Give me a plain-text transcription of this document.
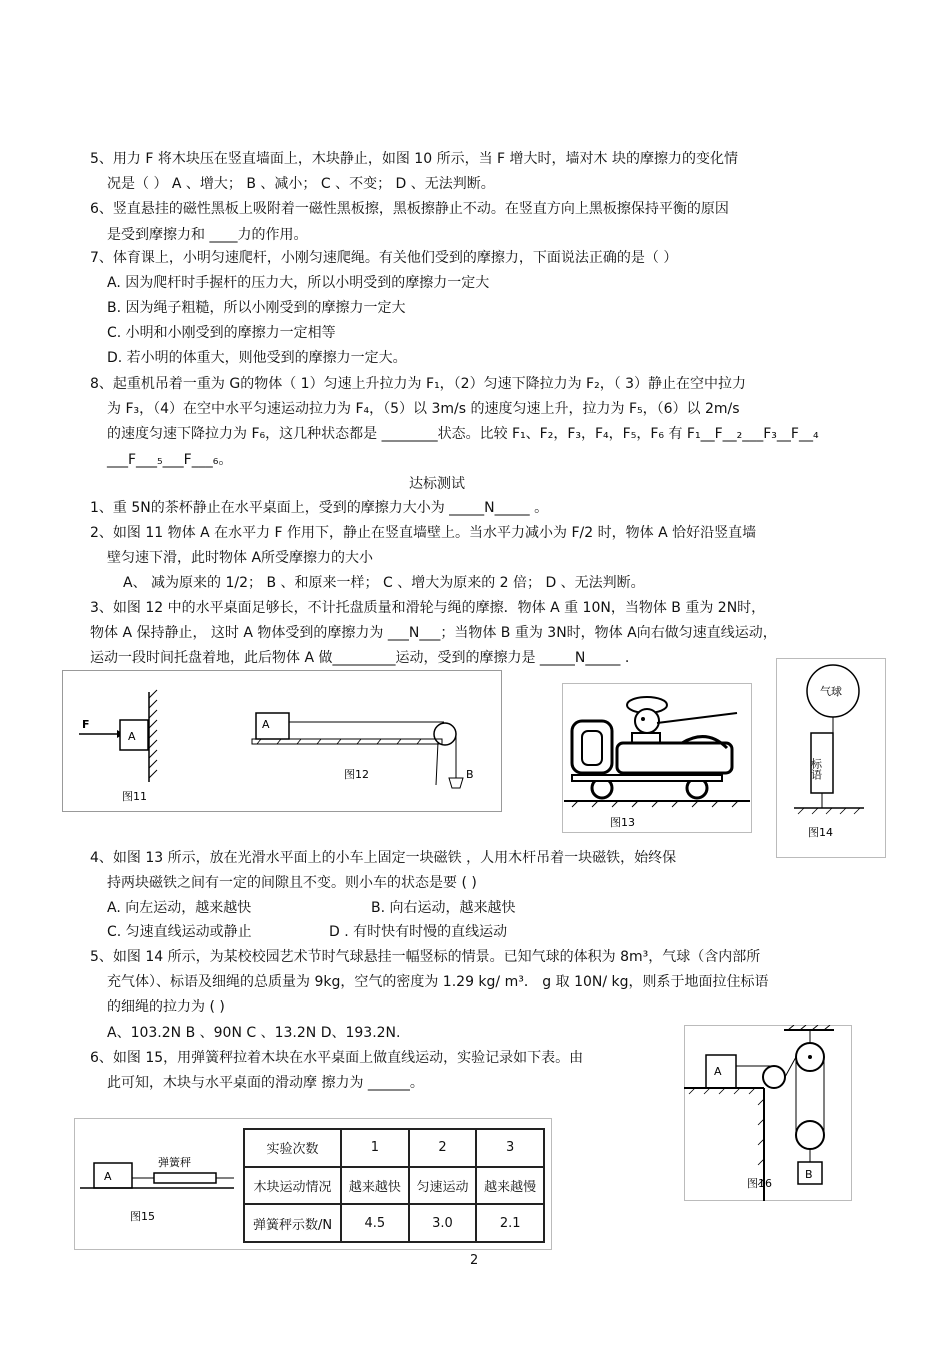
5、用力 F 将木块压在竖直墙面上，木块静止，如图 10 所示，当 F 增大时，墙对木 块的摩擦力的变化情
况是（ ） A 、增大； B 、减小； C 、不变； D 、无法判断。
6、竖直悬挂的磁性黑板上吸附着一磁性黑板擦，黑板擦静止不动。在竖直方向上黑板擦保持平衡的原因
是受到摩擦力和 ____力的作用。
7、体育课上，小明匀速爬杆，小刚匀速爬绳。有关他们受到的摩擦力，下面说法正确的是（ ）
A. 因为爬杆时手握杆的压力大，所以小明受到的摩擦力一定大
B. 因为绳子粗糙，所以小刚受到的摩擦力一定大
C. 小明和小刚受到的摩擦力一定相等
D. 若小明的体重大，则他受到的摩擦力一定大。
8、起重机吊着一重为 G的物体（ 1）匀速上升拉力为 F₁，（2）匀速下降拉力为 F₂，（ 3）静止在空中拉力
为 F₃，（4）在空中水平匀速运动拉力为 F₄，（5）以 3m/s 的速度匀速上升，拉力为 F₅，（6）以 2m/s
的速度匀速下降拉力为 F₆，这几种状态都是 ________状态。比较 F₁、F₂，F₃，F₄，F₅，F₆ 有 F₁__F__₂___F₃__F__₄
___F___₅___F___₆。
达标测试
1、重 5N的茶杯静止在水平桌面上，受到的摩擦力大小为 _____N_____ 。
2、如图 11 物体 A 在水平力 F 作用下，静止在竖直墙壁上。当水平力减小为 F/2 时，物体 A 恰好沿竖直墙
壁匀速下滑，此时物体 A所受摩擦力的大小
A、 减为原来的 1/2； B 、和原来一样； C 、增大为原来的 2 倍； D 、无法判断。
3、如图 12 中的水平桌面足够长，不计托盘质量和滑轮与绳的摩擦．物体 A 重 10N，当物体 B 重为 2N时，
物体 A 保持静止， 这时 A 物体受到的摩擦力为 ___N___；当物体 B 重为 3N时，物体 A向右做匀速直线运动，
运动一段时间托盘着地，此后物体 A 做_________运动，受到的摩擦力是 _____N_____ .
F
A
图11
A
B
图12
图13
气球
标语
图14
4、如图 13 所示，放在光滑水平面上的小车上固定一块磁铁 ，人用木杆吊着一块磁铁，始终保
持两块磁铁之间有一定的间隙且不变。则小车的状态是要 ( )
A. 向左运动，越来越快	B. 向右运动，越来越快
C. 匀速直线运动或静止	D . 有时快有时慢的直线运动
5、如图 14 所示，为某校校园艺术节时气球悬挂一幅竖标的情景。已知气球的体积为 8m³，气球（含内部所
充气体）、标语及细绳的总质量为 9kg，空气的密度为 1.29 kg/ m³． g 取 10N/ kg，则系于地面拉住标语
的细绳的拉力为 ( )
A、103.2N B 、90N C 、13.2N D、193.2N.
6、如图 15，用弹簧秤拉着木块在水平桌面上做直线运动，实验记录如下表。由
此可知，木块与水平桌面的滑动摩 擦力为 ______。
A
B
图16
A
弹簧秤
图15
实验次数	1	2	3
木块运动情况	越来越快	匀速运动	越来越慢
弹簧秤示数/N	4.5	3.0	2.1
2
